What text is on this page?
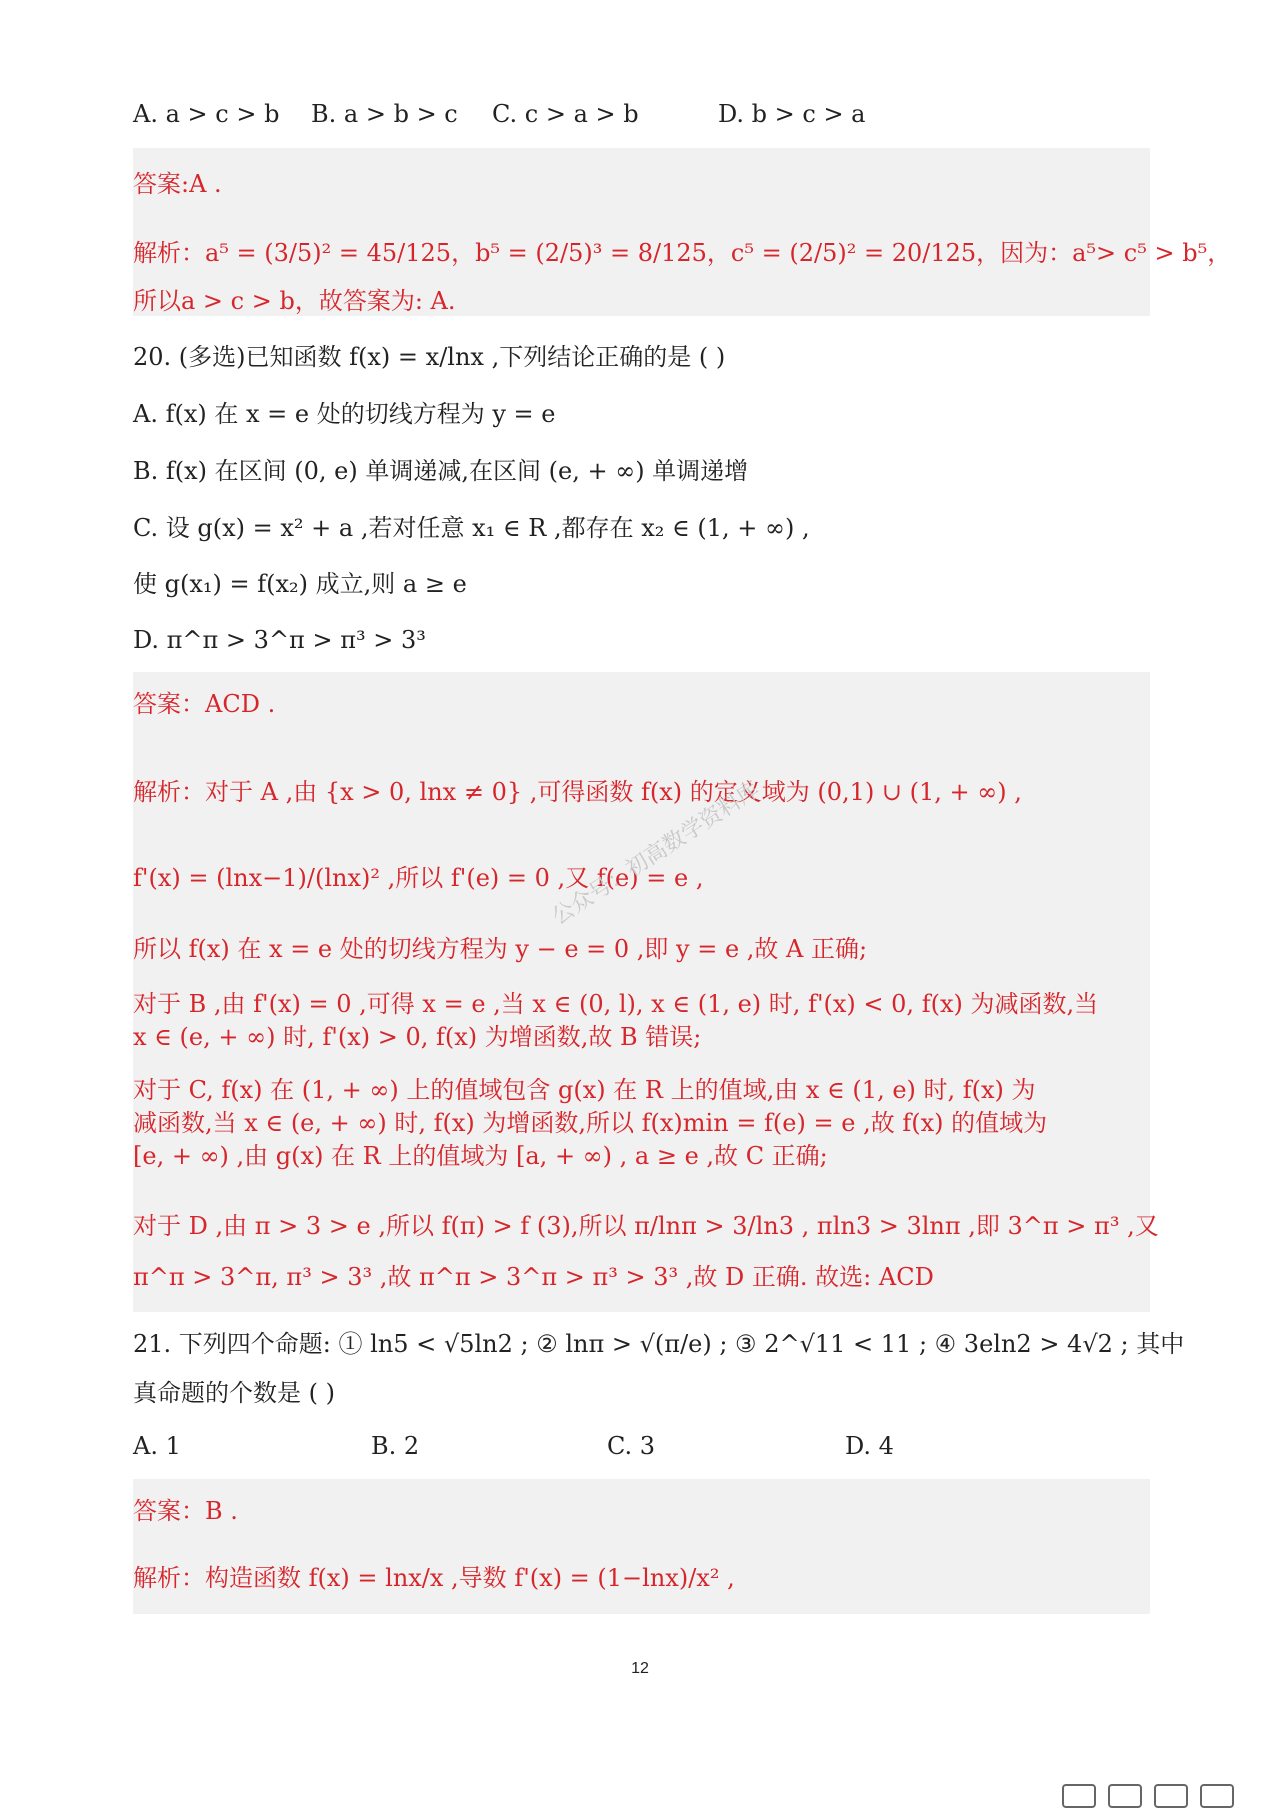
A. a > c > b B. a > b > c C. c > a > b	D. b > c > a
答案:A .
解析：a⁵ = (3/5)² = 45/125，b⁵ = (2/5)³ = 8/125，c⁵ = (2/5)² = 20/125，因为：a⁵> c⁵ > b⁵，
所以a > c > b，故答案为: A.
20. (多选)已知函数 f(x) = x/lnx ,下列结论正确的是 ( )
A. f(x) 在 x = e 处的切线方程为 y = e
B. f(x) 在区间 (0, e) 单调递减,在区间 (e, + ∞) 单调递增
C. 设 g(x) = x² + a ,若对任意 x₁ ∈ R ,都存在 x₂ ∈ (1, + ∞) ,
使 g(x₁) = f(x₂) 成立,则 a ≥ e
D. π^π > 3^π > π³ > 3³
答案：ACD .
解析：对于 A ,由 {x > 0, lnx ≠ 0} ,可得函数 f(x) 的定义域为 (0,1) ∪ (1, + ∞) ,
f'(x) = (lnx−1)/(lnx)² ,所以 f'(e) = 0 ,又 f(e) = e ,
所以 f(x) 在 x = e 处的切线方程为 y − e = 0 ,即 y = e ,故 A 正确;
对于 B ,由 f'(x) = 0 ,可得 x = e ,当 x ∈ (0, l), x ∈ (1, e) 时, f'(x) < 0, f(x) 为减函数,当
x ∈ (e, + ∞) 时, f'(x) > 0, f(x) 为增函数,故 B 错误;
对于 C, f(x) 在 (1, + ∞) 上的值域包含 g(x) 在 R 上的值域,由 x ∈ (1, e) 时, f(x) 为
减函数,当 x ∈ (e, + ∞) 时, f(x) 为增函数,所以 f(x)min = f(e) = e ,故 f(x) 的值域为
[e, + ∞) ,由 g(x) 在 R 上的值域为 [a, + ∞) , a ≥ e ,故 C 正确;
对于 D ,由 π > 3 > e ,所以 f(π) > f (3),所以 π/lnπ > 3/ln3 , πln3 > 3lnπ ,即 3^π > π³ ,又
π^π > 3^π, π³ > 3³ ,故 π^π > 3^π > π³ > 3³ ,故 D 正确. 故选: ACD
21. 下列四个命题: ① ln5 < √5ln2 ; ② lnπ > √(π/e) ; ③ 2^√11 < 11 ; ④ 3eln2 > 4√2 ; 其中
真命题的个数是 ( )
A. 1	B. 2	C. 3	D. 4
答案：B .
解析：构造函数 f(x) = lnx/x ,导数 f'(x) = (1−lnx)/x² ,
公众号：初高数学资料库
12
